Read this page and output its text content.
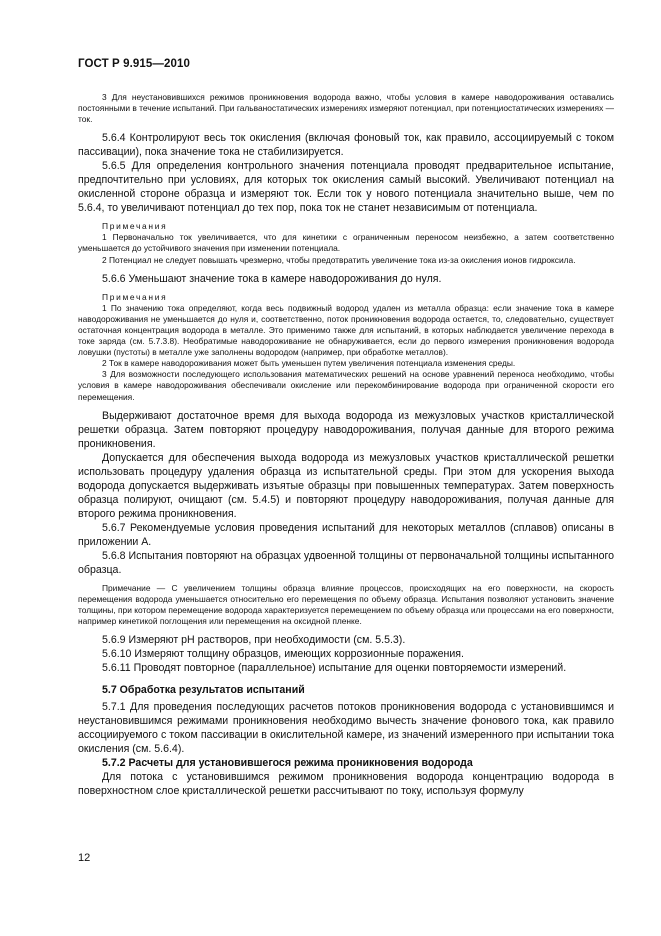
ГОСТ Р 9.915—2010

3 Для неустановившихся режимов проникновения водорода важно, чтобы условия в камере наводороживания оставались постоянными в течение испытаний. При гальваностатических измерениях измеряют потенциал, при потенциостатических измерениях — ток.

5.6.4 Контролируют весь ток окисления (включая фоновый ток, как правило, ассоциируемый с током пассивации), пока значение тока не стабилизируется.

5.6.5 Для определения контрольного значения потенциала проводят предварительное испытание, предпочтительно при условиях, для которых ток окисления самый высокий. Увеличивают потенциал на окисленной стороне образца и измеряют ток. Если ток у нового потенциала значительно выше, чем по 5.6.4, то увеличивают потенциал до тех пор, пока ток не станет независимым от потенциала.

Примечания

1 Первоначально ток увеличивается, что для кинетики с ограниченным переносом неизбежно, а затем соответственно уменьшается до устойчивого значения при изменении потенциала.

2 Потенциал не следует повышать чрезмерно, чтобы предотвратить увеличение тока из-за окисления ионов гидроксила.

5.6.6 Уменьшают значение тока в камере наводороживания до нуля.

Примечания

1 По значению тока определяют, когда весь подвижный водород удален из металла образца: если значение тока в камере наводороживания не уменьшается до нуля и, соответственно, поток проникновения водорода остается, то, следовательно, существует остаточная концентрация водорода в металле. Это применимо также для испытаний, в которых наблюдается увеличение перехода в токе заряда (см. 5.7.3.8). Необратимые наводороживание не обнаруживается, если до первого измерения проникновения водорода ловушки (пустоты) в металле уже заполнены водородом (например, при обработке металлов).

2 Ток в камере наводороживания может быть уменьшен путем увеличения потенциала изменения среды.

3 Для возможности последующего использования математических решений на основе уравнений переноса необходимо, чтобы условия в камере наводороживания обеспечивали окисление или перекомбинирование водорода при ограниченной скорости его перемещения.

Выдерживают достаточное время для выхода водорода из межузловых участков кристаллической решетки образца. Затем повторяют процедуру наводороживания, получая данные для второго режима проникновения.

Допускается для обеспечения выхода водорода из межузловых участков кристаллической решетки использовать процедуру удаления образца из испытательной среды. При этом для ускорения выхода водорода допускается выдерживать изъятые образцы при повышенных температурах. Затем поверхность образца полируют, очищают (см. 5.4.5) и повторяют процедуру наводороживания, получая данные для второго режима проникновения.

5.6.7 Рекомендуемые условия проведения испытаний для некоторых металлов (сплавов) описаны в приложении А.

5.6.8 Испытания повторяют на образцах удвоенной толщины от первоначальной толщины испытанного образца.

Примечание — С увеличением толщины образца влияние процессов, происходящих на его поверхности, на скорость перемещения водорода уменьшается относительно его перемещения по объему образца. Испытания позволяют установить значение толщины, при котором перемещение водорода характеризуется перемещением по объему образца или процессами на его поверхности, например кинетикой поглощения или перемещения на оксидной пленке.

5.6.9 Измеряют pH растворов, при необходимости (см. 5.5.3).

5.6.10 Измеряют толщину образцов, имеющих коррозионные поражения.

5.6.11 Проводят повторное (параллельное) испытание для оценки повторяемости измерений.

5.7 Обработка результатов испытаний

5.7.1 Для проведения последующих расчетов потоков проникновения водорода с установившимся и неустановившимся режимами проникновения необходимо вычесть значение фонового тока, как правило ассоциируемого с током пассивации в окислительной камере, из значений измеренного при испытании тока окисления (см. 5.6.4).

5.7.2 Расчеты для установившегося режима проникновения водорода

Для потока с установившимся режимом проникновения водорода концентрацию водорода в поверхностном слое кристаллической решетки рассчитывают по току, используя формулу

12
